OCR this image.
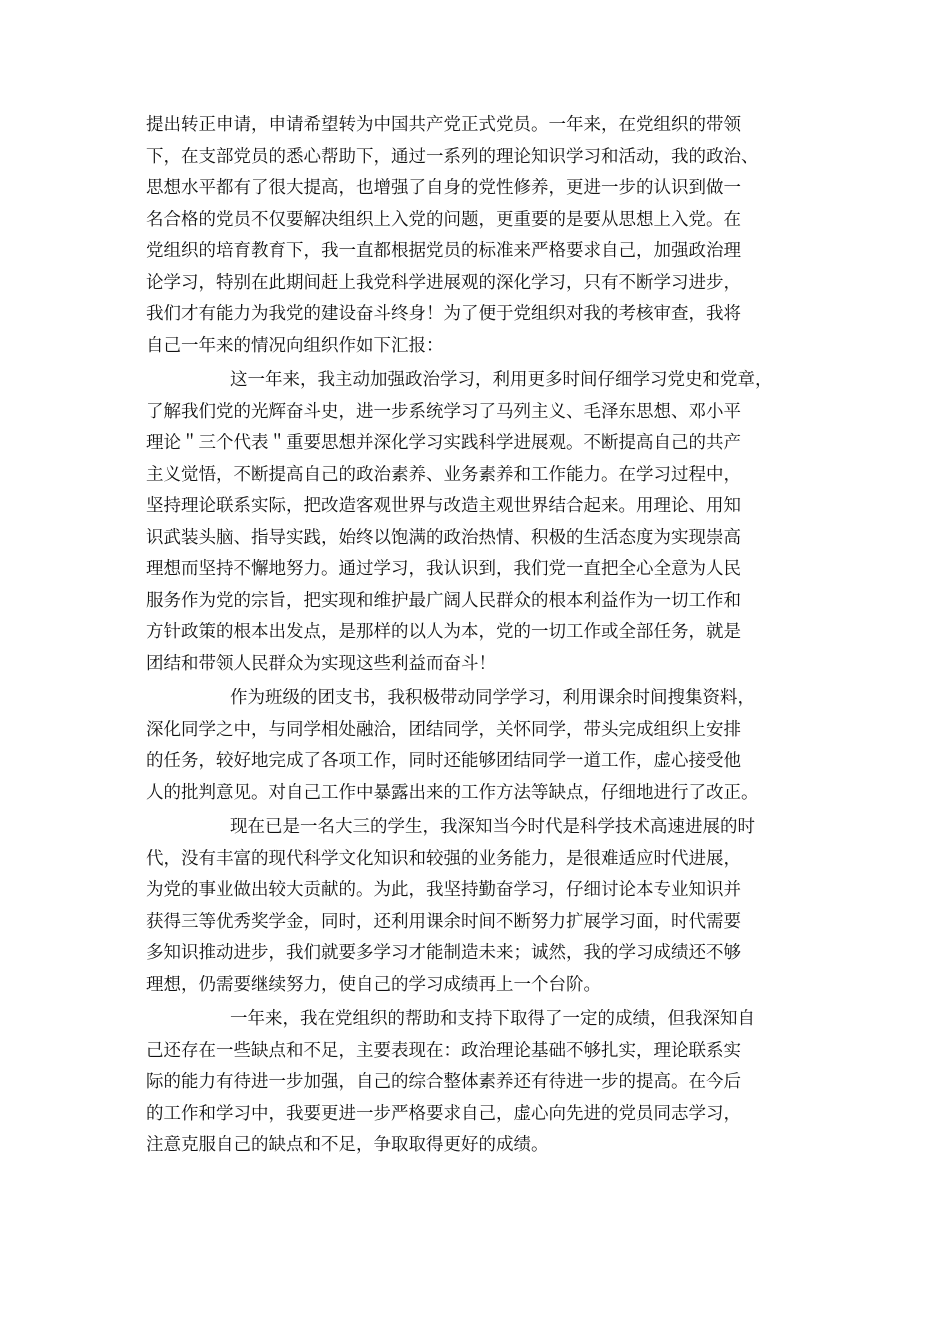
提出转正申请，申请希望转为中国共产党正式党员。一年来，在党组织的带领
下，在支部党员的悉心帮助下，通过一系列的理论知识学习和活动，我的政治、
思想水平都有了很大提高，也增强了自身的党性修养，更进一步的认识到做一
名合格的党员不仅要解决组织上入党的问题，更重要的是要从思想上入党。在
党组织的培育教育下，我一直都根据党员的标准来严格要求自己，加强政治理
论学习，特别在此期间赶上我党科学进展观的深化学习，只有不断学习进步，
我们才有能力为我党的建设奋斗终身！为了便于党组织对我的考核审查，我将
自己一年来的情况向组织作如下汇报：
这一年来，我主动加强政治学习，利用更多时间仔细学习党史和党章，
了解我们党的光辉奋斗史，进一步系统学习了马列主义、毛泽东思想、邓小平
理论＂三个代表＂重要思想并深化学习实践科学进展观。不断提高自己的共产
主义觉悟，不断提高自己的政治素养、业务素养和工作能力。在学习过程中，
坚持理论联系实际，把改造客观世界与改造主观世界结合起来。用理论、用知
识武装头脑、指导实践，始终以饱满的政治热情、积极的生活态度为实现崇高
理想而坚持不懈地努力。通过学习，我认识到，我们党一直把全心全意为人民
服务作为党的宗旨，把实现和维护最广阔人民群众的根本利益作为一切工作和
方针政策的根本出发点，是那样的以人为本，党的一切工作或全部任务，就是
团结和带领人民群众为实现这些利益而奋斗！
作为班级的团支书，我积极带动同学学习，利用课余时间搜集资料，
深化同学之中，与同学相处融洽，团结同学，关怀同学，带头完成组织上安排
的任务，较好地完成了各项工作，同时还能够团结同学一道工作，虚心接受他
人的批判意见。对自己工作中暴露出来的工作方法等缺点，仔细地进行了改正。
现在已是一名大三的学生，我深知当今时代是科学技术高速进展的时
代，没有丰富的现代科学文化知识和较强的业务能力，是很难适应时代进展，
为党的事业做出较大贡献的。为此，我坚持勤奋学习，仔细讨论本专业知识并
获得三等优秀奖学金，同时，还利用课余时间不断努力扩展学习面，时代需要
多知识推动进步，我们就要多学习才能制造未来；诚然，我的学习成绩还不够
理想，仍需要继续努力，使自己的学习成绩再上一个台阶。
一年来，我在党组织的帮助和支持下取得了一定的成绩，但我深知自
己还存在一些缺点和不足，主要表现在：政治理论基础不够扎实，理论联系实
际的能力有待进一步加强，自己的综合整体素养还有待进一步的提高。在今后
的工作和学习中，我要更进一步严格要求自己，虚心向先进的党员同志学习，
注意克服自己的缺点和不足，争取取得更好的成绩。
